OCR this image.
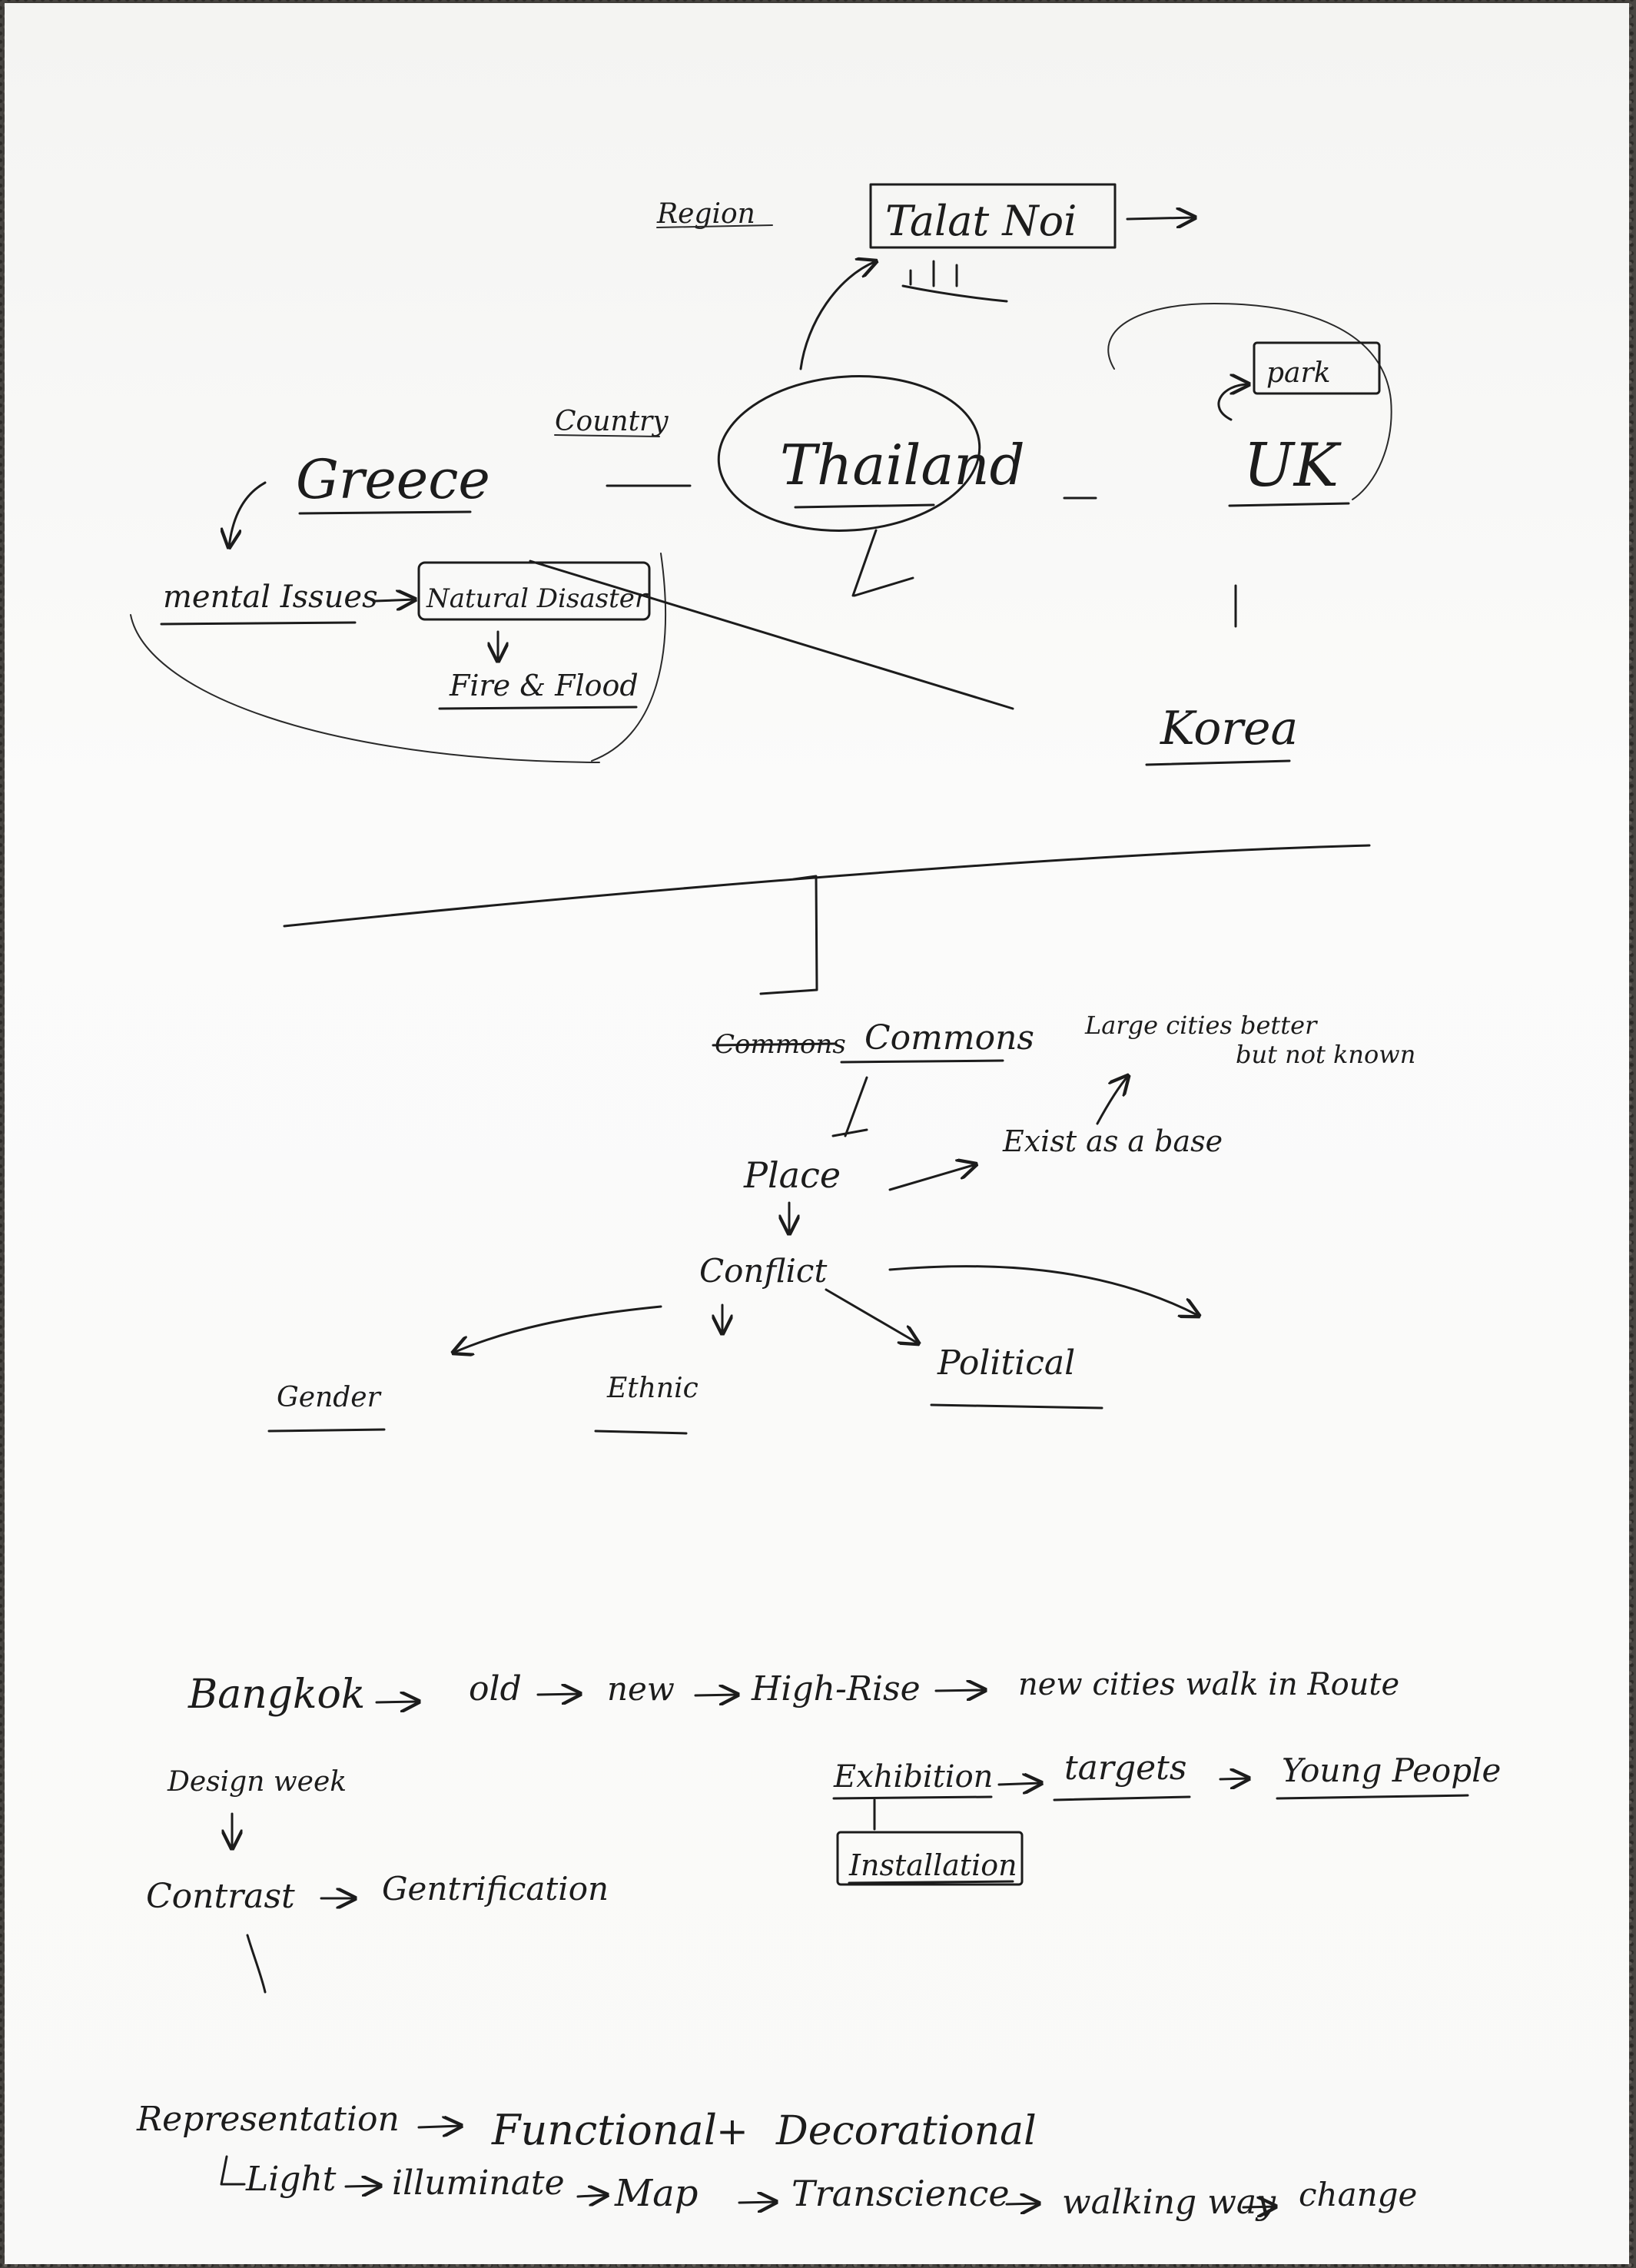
Region	Talat Noi
Country
Greece
mental Issues Natural Disaster
Fire & Flood
Thailand
park
UK
Korea
Commons Commons Large cities better
but not known
Place
Exist as a base
Conflict
Political
Gender	Ethnic
Bangkok	old	new High-Rise	new cities walk in Route
Design week
Contrast	Gentrification
Exhibition targets	Young People
Installation
Representation Functional + Decorational
Light illuminate Map	Transcience walking way change
